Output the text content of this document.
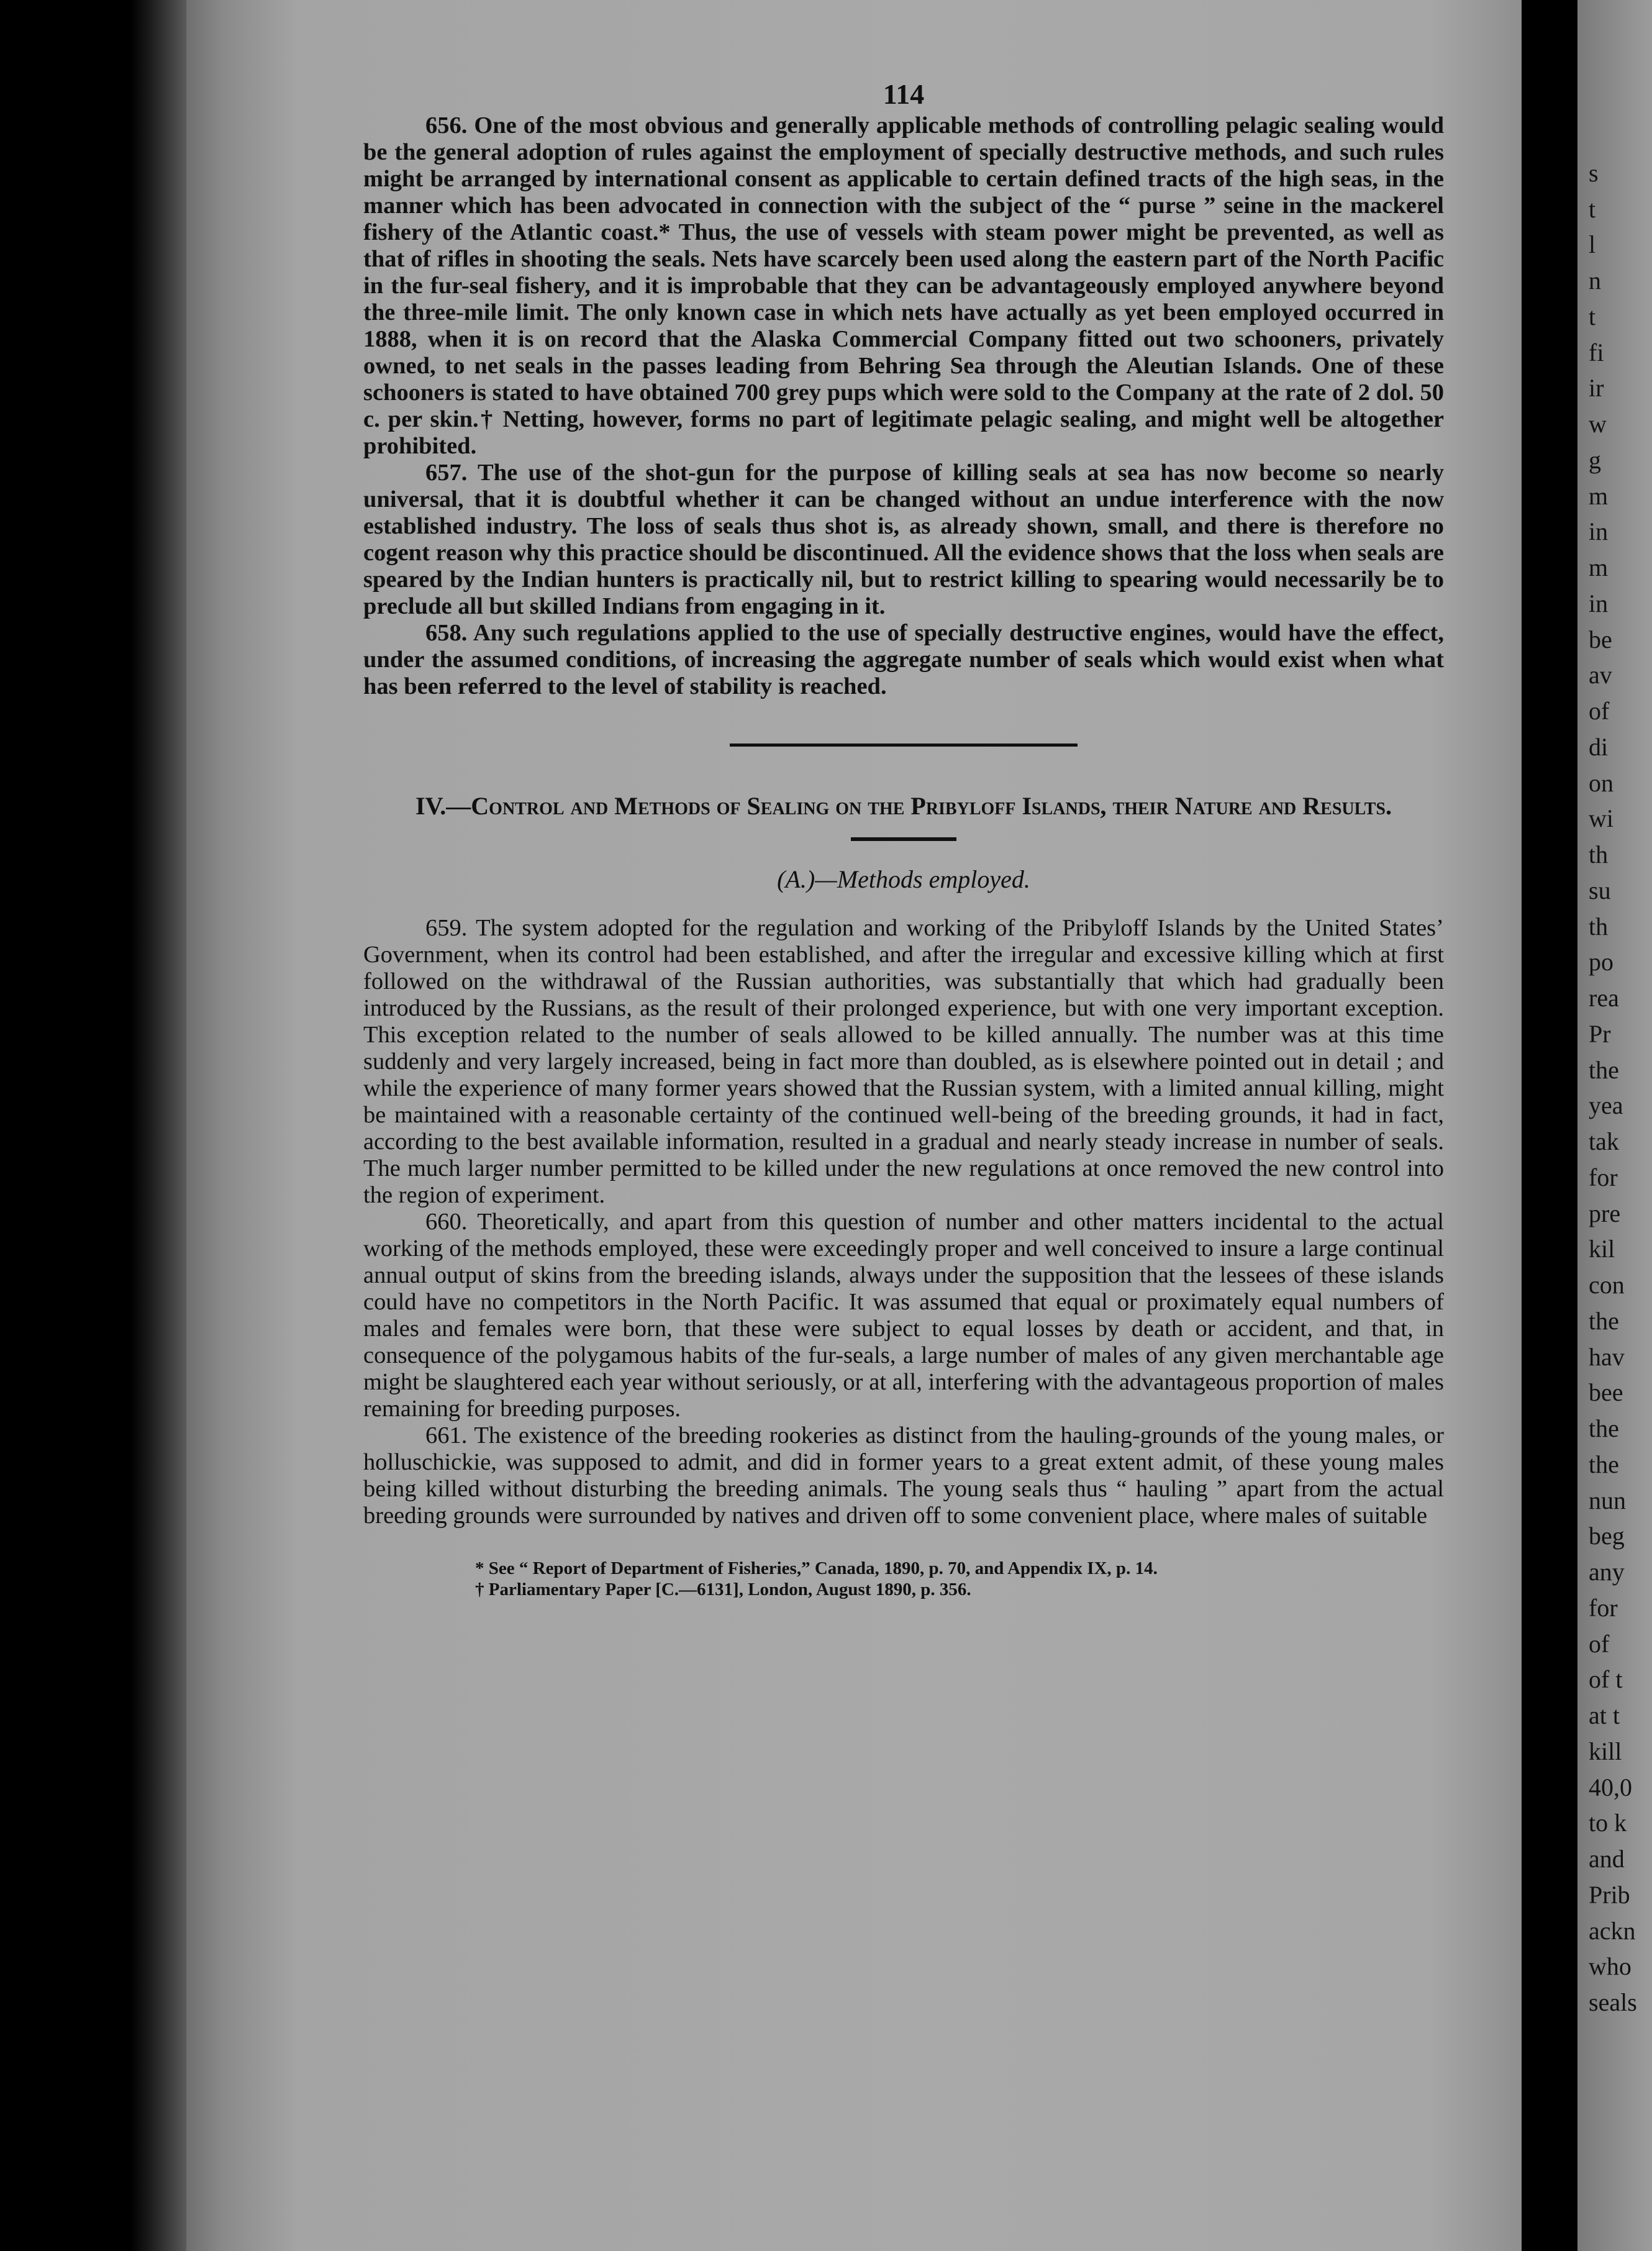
114

656. One of the most obvious and generally applicable methods of controlling pelagic sealing would be the general adoption of rules against the employment of specially destructive methods, and such rules might be arranged by international consent as applicable to certain defined tracts of the high seas, in the manner which has been advocated in connection with the subject of the “ purse ” seine in the mackerel fishery of the Atlantic coast.* Thus, the use of vessels with steam power might be prevented, as well as that of rifles in shooting the seals. Nets have scarcely been used along the eastern part of the North Pacific in the fur-seal fishery, and it is improbable that they can be advantageously employed anywhere beyond the three-mile limit. The only known case in which nets have actually as yet been employed occurred in 1888, when it is on record that the Alaska Commercial Company fitted out two schooners, privately owned, to net seals in the passes leading from Behring Sea through the Aleutian Islands. One of these schooners is stated to have obtained 700 grey pups which were sold to the Company at the rate of 2 dol. 50 c. per skin.† Netting, however, forms no part of legitimate pelagic sealing, and might well be altogether prohibited.

657. The use of the shot-gun for the purpose of killing seals at sea has now become so nearly universal, that it is doubtful whether it can be changed without an undue interference with the now established industry. The loss of seals thus shot is, as already shown, small, and there is therefore no cogent reason why this practice should be discontinued. All the evidence shows that the loss when seals are speared by the Indian hunters is practically nil, but to restrict killing to spearing would necessarily be to preclude all but skilled Indians from engaging in it.

658. Any such regulations applied to the use of specially destructive engines, would have the effect, under the assumed conditions, of increasing the aggregate number of seals which would exist when what has been referred to the level of stability is reached.

IV.—Control and Methods of Sealing on the Pribyloff Islands, their Nature and Results.
(A.)—Methods employed.

659. The system adopted for the regulation and working of the Pribyloff Islands by the United States’ Government, when its control had been established, and after the irregular and excessive killing which at first followed on the withdrawal of the Russian authorities, was substantially that which had gradually been introduced by the Russians, as the result of their prolonged experience, but with one very important exception. This exception related to the number of seals allowed to be killed annually. The number was at this time suddenly and very largely increased, being in fact more than doubled, as is elsewhere pointed out in detail ; and while the experience of many former years showed that the Russian system, with a limited annual killing, might be maintained with a reasonable certainty of the continued well-being of the breeding grounds, it had in fact, according to the best available information, resulted in a gradual and nearly steady increase in number of seals. The much larger number permitted to be killed under the new regulations at once removed the new control into the region of experiment.

660. Theoretically, and apart from this question of number and other matters incidental to the actual working of the methods employed, these were exceedingly proper and well conceived to insure a large continual annual output of skins from the breeding islands, always under the supposition that the lessees of these islands could have no competitors in the North Pacific. It was assumed that equal or proximately equal numbers of males and females were born, that these were subject to equal losses by death or accident, and that, in consequence of the polygamous habits of the fur-seals, a large number of males of any given merchantable age might be slaughtered each year without seriously, or at all, interfering with the advantageous proportion of males remaining for breeding purposes.

661. The existence of the breeding rookeries as distinct from the hauling-grounds of the young males, or holluschickie, was supposed to admit, and did in former years to a great extent admit, of these young males being killed without disturbing the breeding animals. The young seals thus “ hauling ” apart from the actual breeding grounds were surrounded by natives and driven off to some convenient place, where males of suitable

* See “ Report of Department of Fisheries,” Canada, 1890, p. 70, and Appendix IX, p. 14.

† Parliamentary Paper [C.—6131], London, August 1890, p. 356.

s
t
l
n
t
fi
ir
w
g
m
in
m
in
be
av
of
di
on
wi
th
su
th
po
rea
Pr
the
yea
tak
for
pre
kil
con
the
hav
bee
the
the
nun
beg
any
for
of
of t
at t
kill
40,0
to k
and
Prib
ackn
who
seals
